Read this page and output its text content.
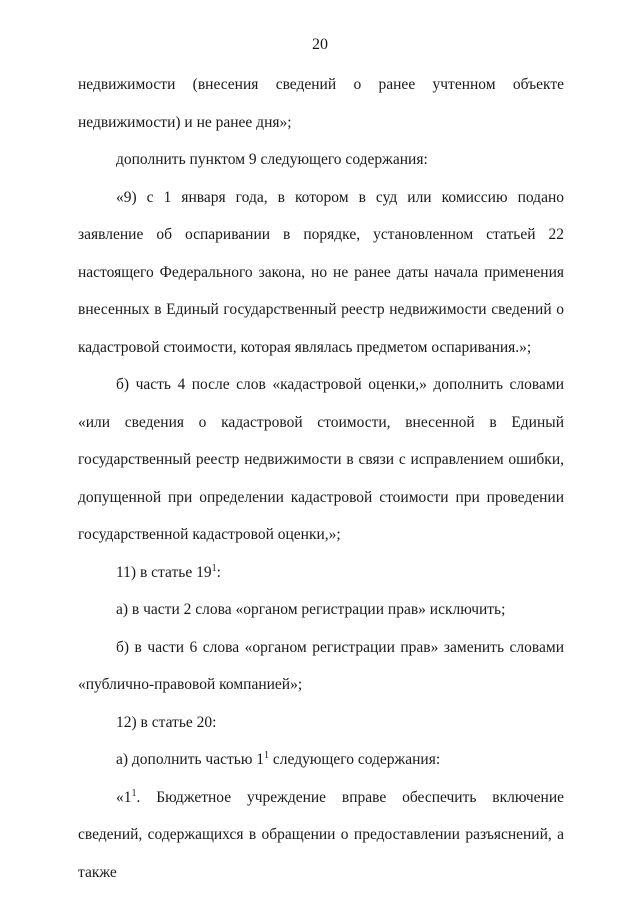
20

недвижимости (внесения сведений о ранее учтенном объекте недвижимости) и не ранее дня»;

дополнить пунктом 9 следующего содержания:

«9) с 1 января года, в котором в суд или комиссию подано заявление об оспаривании в порядке, установленном статьей 22 настоящего Федерального закона, но не ранее даты начала применения внесенных в Единый государственный реестр недвижимости сведений о кадастровой стоимости, которая являлась предметом оспаривания.»;

б) часть 4 после слов «кадастровой оценки,» дополнить словами «или сведения о кадастровой стоимости, внесенной в Единый государственный реестр недвижимости в связи с исправлением ошибки, допущенной при определении кадастровой стоимости при проведении государственной кадастровой оценки,»;

11) в статье $19^1$:

а) в части 2 слова «органом регистрации прав» исключить;

б) в части 6 слова «органом регистрации прав» заменить словами «публично-правовой компанией»;

12) в статье 20:

а) дополнить частью $1^1$ следующего содержания:

«$1^1$. Бюджетное учреждение вправе обеспечить включение сведений, содержащихся в обращении о предоставлении разъяснений, а также
